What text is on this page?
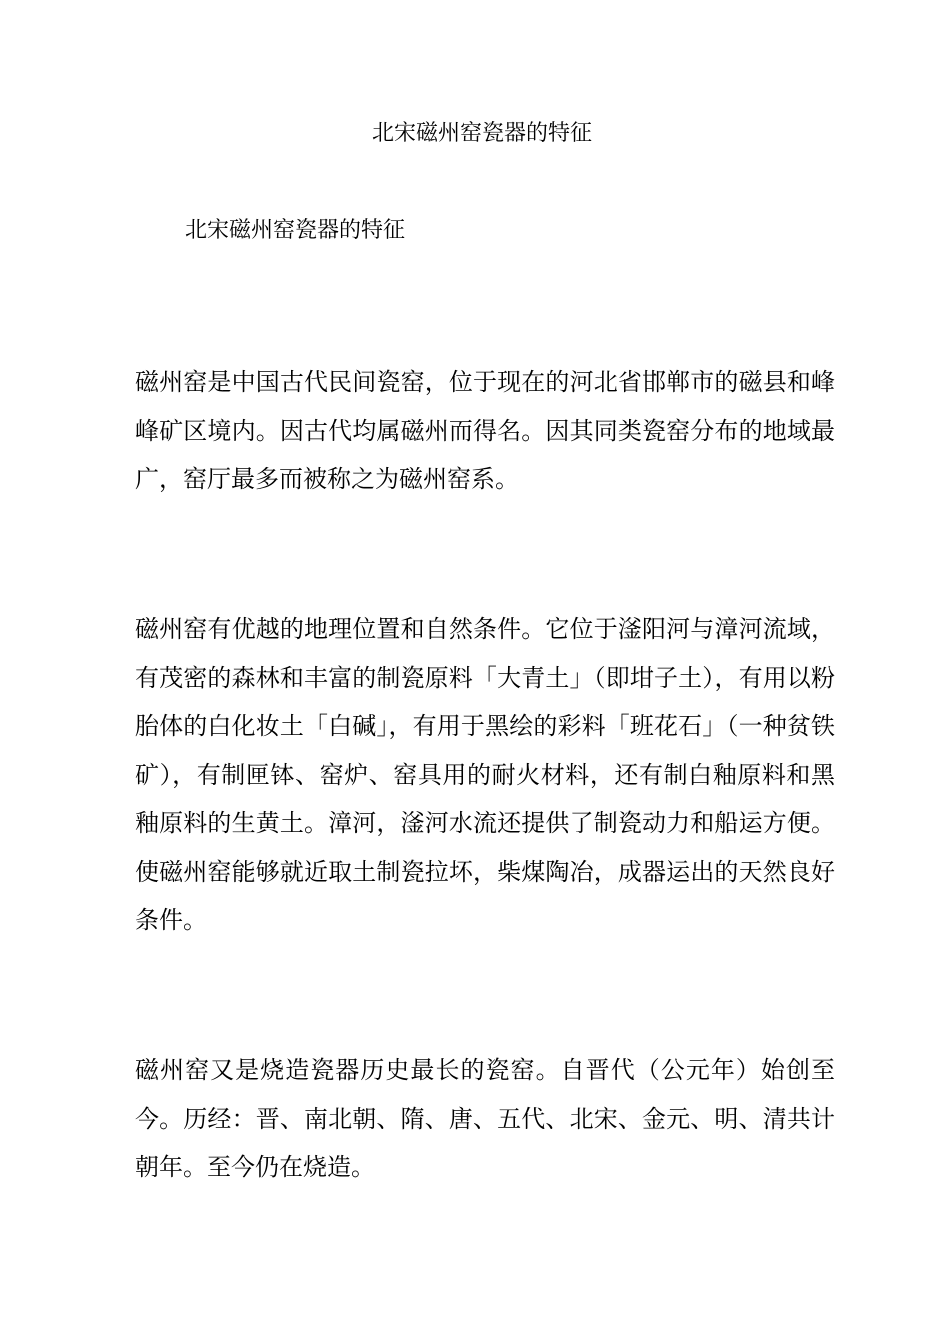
北宋磁州窑瓷器的特征
北宋磁州窑瓷器的特征

磁州窑是中国古代民间瓷窑，位于现在的河北省邯郸市的磁县和峰峰矿区境内。因古代均属磁州而得名。因其同类瓷窑分布的地域最广，窑厅最多而被称之为磁州窑系。

磁州窑有优越的地理位置和自然条件。它位于滏阳河与漳河流域，有茂密的森林和丰富的制瓷原料「大青土」（即坩子土），有用以粉胎体的白化妆土「白碱」，有用于黑绘的彩料「班花石」（一种贫铁矿），有制匣钵、窑炉、窑具用的耐火材料，还有制白釉原料和黑釉原料的生黄土。漳河，滏河水流还提供了制瓷动力和船运方便。使磁州窑能够就近取土制瓷拉坏，柴煤陶冶，成器运出的天然良好条件。

磁州窑又是烧造瓷器历史最长的瓷窑。自晋代（公元年）始创至今。历经：晋、南北朝、隋、唐、五代、北宋、金元、明、清共计朝年。至今仍在烧造。
